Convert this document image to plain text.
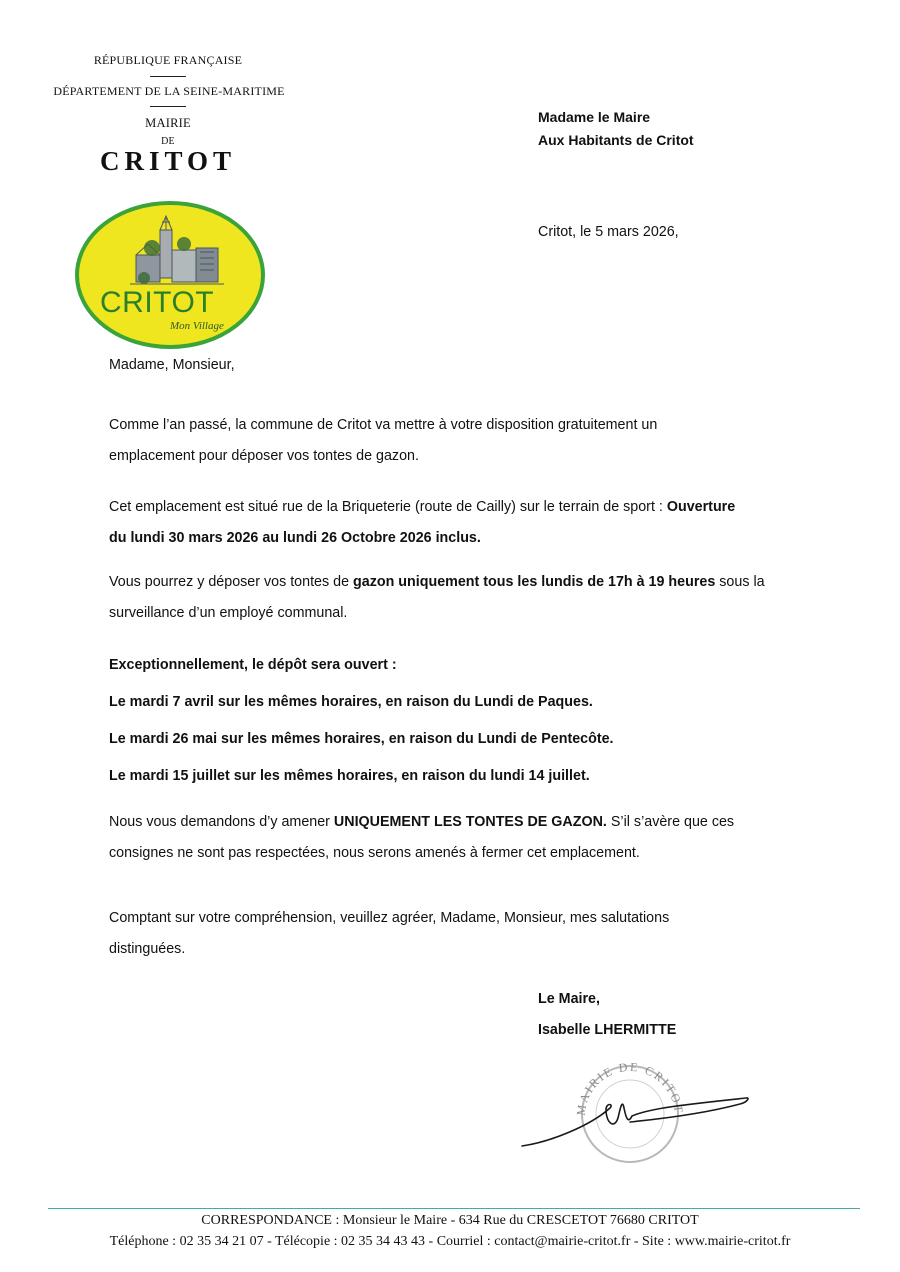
RÉPUBLIQUE FRANÇAISE
DÉPARTEMENT DE LA SEINE-MARITIME
MAIRIE
DE
CRITOT
CRITOT
Mon Village
Madame le Maire
Aux Habitants de Critot
Critot, le 5 mars 2026,
Madame, Monsieur,
Comme l’an passé, la commune de Critot va mettre à votre disposition gratuitement un
emplacement pour déposer vos tontes de gazon.
Cet emplacement est situé rue de la Briqueterie (route de Cailly) sur le terrain de sport : Ouverture
du lundi 30 mars 2026 au lundi 26 Octobre 2026 inclus.
Vous pourrez y déposer vos tontes de gazon uniquement tous les lundis de 17h à 19 heures sous la
surveillance d’un employé communal.
Exceptionnellement, le dépôt sera ouvert :
Le mardi 7 avril sur les mêmes horaires, en raison du Lundi de Paques.
Le mardi 26 mai sur les mêmes horaires, en raison du Lundi de Pentecôte.
Le mardi 15 juillet sur les mêmes horaires, en raison du lundi 14 juillet.
Nous vous demandons d’y amener UNIQUEMENT LES TONTES DE GAZON. S’il s’avère que ces
consignes ne sont pas respectées, nous serons amenés à fermer cet emplacement.
Comptant sur votre compréhension, veuillez agréer, Madame, Monsieur, mes salutations
distinguées.
Le Maire,
Isabelle LHERMITTE
MAIRIE DE CRITOT
CORRESPONDANCE : Monsieur le Maire - 634 Rue du CRESCETOT 76680 CRITOT
Téléphone : 02 35 34 21 07 - Télécopie : 02 35 34 43 43 - Courriel : contact@mairie-critot.fr - Site : www.mairie-critot.fr
